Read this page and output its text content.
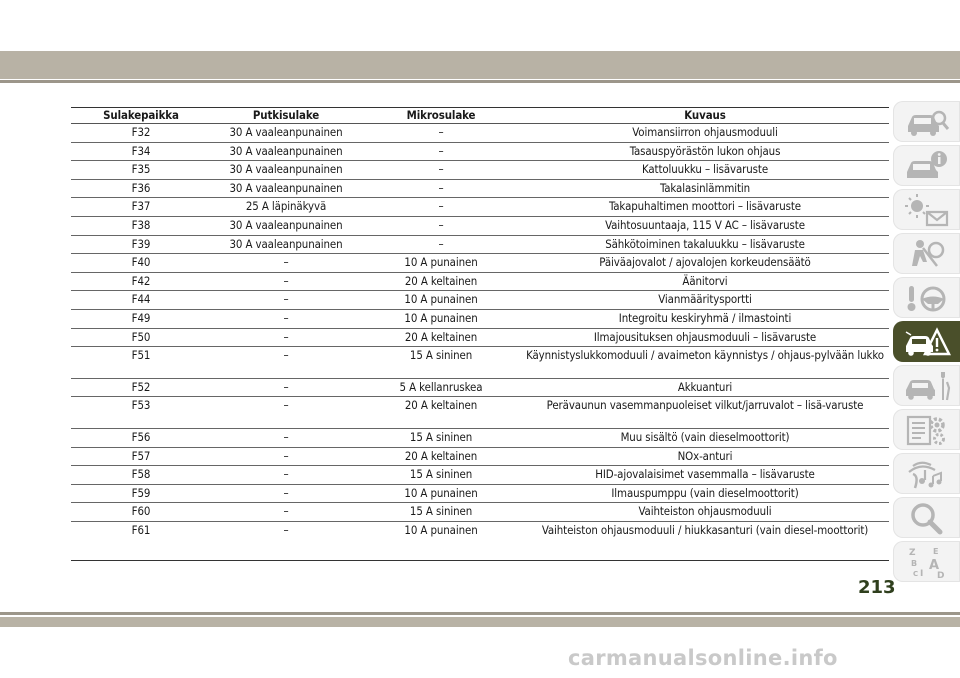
Sulakepaikka	Putkisulake	Mikrosulake	Kuvaus
F32	30 A vaaleanpunainen	–	Voimansiirron ohjausmoduuli
F34	30 A vaaleanpunainen	–	Tasauspyörästön lukon ohjaus
F35	30 A vaaleanpunainen	–	Kattoluukku – lisävaruste
F36	30 A vaaleanpunainen	–	Takalasinlämmitin
F37	25 A läpinäkyvä	–	Takapuhaltimen moottori – lisävaruste
F38	30 A vaaleanpunainen	–	Vaihtosuuntaaja, 115 V AC – lisävaruste
F39	30 A vaaleanpunainen	–	Sähkötoiminen takaluukku – lisävaruste
F40	–	10 A punainen	Päiväajovalot / ajovalojen korkeudensäätö
F42	–	20 A keltainen	Äänitorvi
F44	–	10 A punainen	Vianmääritysportti
F49	–	10 A punainen	Integroitu keskiryhmä / ilmastointi
F50	–	20 A keltainen	Ilmajousituksen ohjausmoduuli – lisävaruste
F51	–	15 A sininen	Käynnistyslukkomoduuli / avaimeton käynnistys / ohjaus-pylvään lukko
F52	–	5 A kellanruskea	Akkuanturi
F53	–	20 A keltainen	Perävaunun vasemmanpuoleiset vilkut/jarruvalot – lisä-varuste
F56	–	15 A sininen	Muu sisältö (vain dieselmoottorit)
F57	–	20 A keltainen	NOx-anturi
F58	–	15 A sininen	HID-ajovalaisimet vasemmalla – lisävaruste
F59	–	10 A punainen	Ilmauspumppu (vain dieselmoottorit)
F60	–	15 A sininen	Vaihteiston ohjausmoduuli
F61	–	10 A punainen	Vaihteiston ohjausmoduuli / hiukkasanturi (vain diesel-moottorit)
Z E
B A
C I D
213
carmanualsonline.info
